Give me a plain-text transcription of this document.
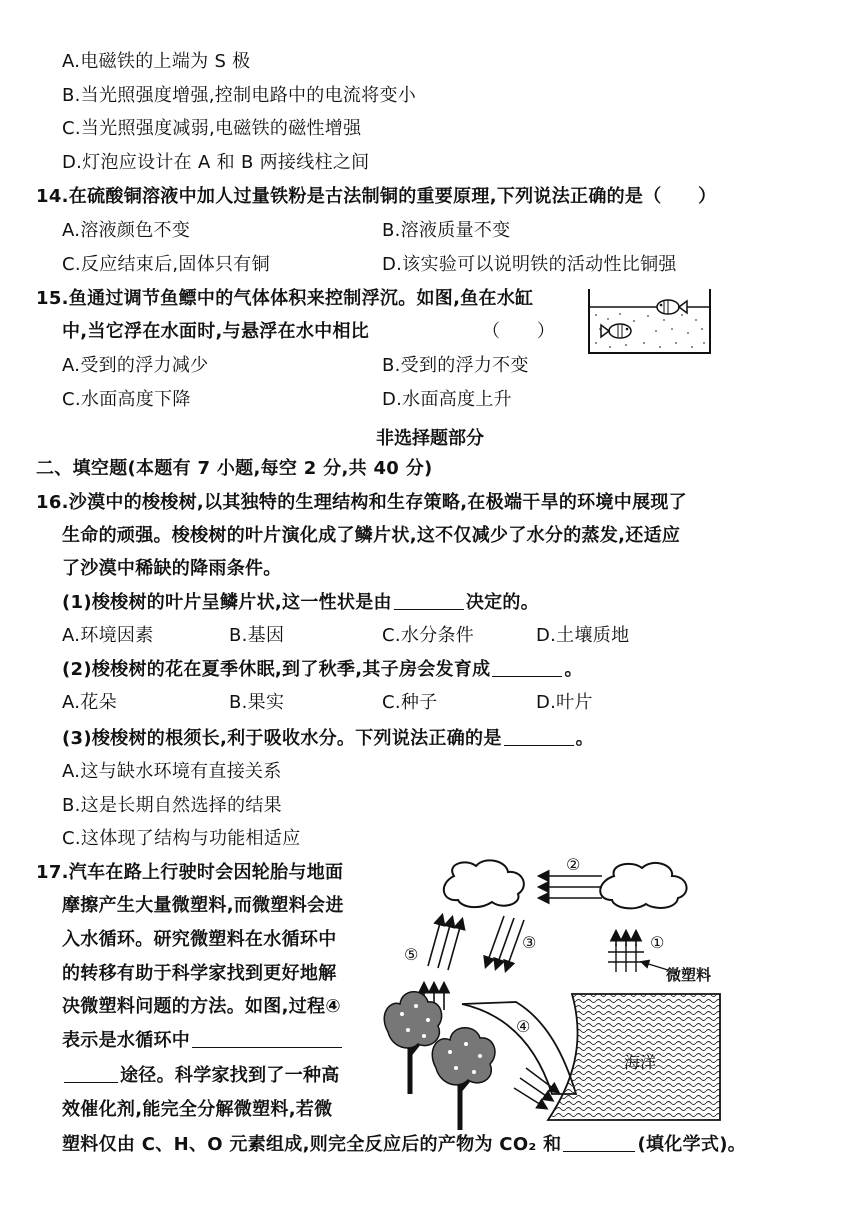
A.电磁铁的上端为 S 极
B.当光照强度增强,控制电路中的电流将变小
C.当光照强度减弱,电磁铁的磁性增强
D.灯泡应设计在 A 和 B 两接线柱之间
14.在硫酸铜溶液中加人过量铁粉是古法制铜的重要原理,下列说法正确的是（　　）
A.溶液颜色不变	B.溶液质量不变
C.反应结束后,固体只有铜	D.该实验可以说明铁的活动性比铜强
15.鱼通过调节鱼鳔中的气体体积来控制浮沉。如图,鱼在水缸
中,当它浮在水面时,与悬浮在水中相比	（　　）
A.受到的浮力减少	B.受到的浮力不变
C.水面高度下降	D.水面高度上升
非选择题部分
二、填空题(本题有 7 小题,每空 2 分,共 40 分)
16.沙漠中的梭梭树,以其独特的生理结构和生存策略,在极端干旱的环境中展现了
生命的顽强。梭梭树的叶片演化成了鳞片状,这不仅减少了水分的蒸发,还适应
了沙漠中稀缺的降雨条件。
(1)梭梭树的叶片呈鳞片状,这一性状是由	决定的。
A.环境因素	B.基因	C.水分条件	D.土壤质地
(2)梭梭树的花在夏季休眠,到了秋季,其子房会发育成	。
A.花朵	B.果实	C.种子	D.叶片
(3)梭梭树的根须长,利于吸收水分。下列说法正确的是	。
A.这与缺水环境有直接关系
B.这是长期自然选择的结果
C.这体现了结构与功能相适应
17.汽车在路上行驶时会因轮胎与地面
摩擦产生大量微塑料,而微塑料会进
入水循环。研究微塑料在水循环中
的转移有助于科学家找到更好地解
决微塑料问题的方法。如图,过程④
表示是水循环中
途径。科学家找到了一种高
效催化剂,能完全分解微塑料,若微
塑料仅由 C、H、O 元素组成,则完全反应后的产物为 CO₂ 和	(填化学式)。
②
③
⑤
①
微塑料
④
海洋
